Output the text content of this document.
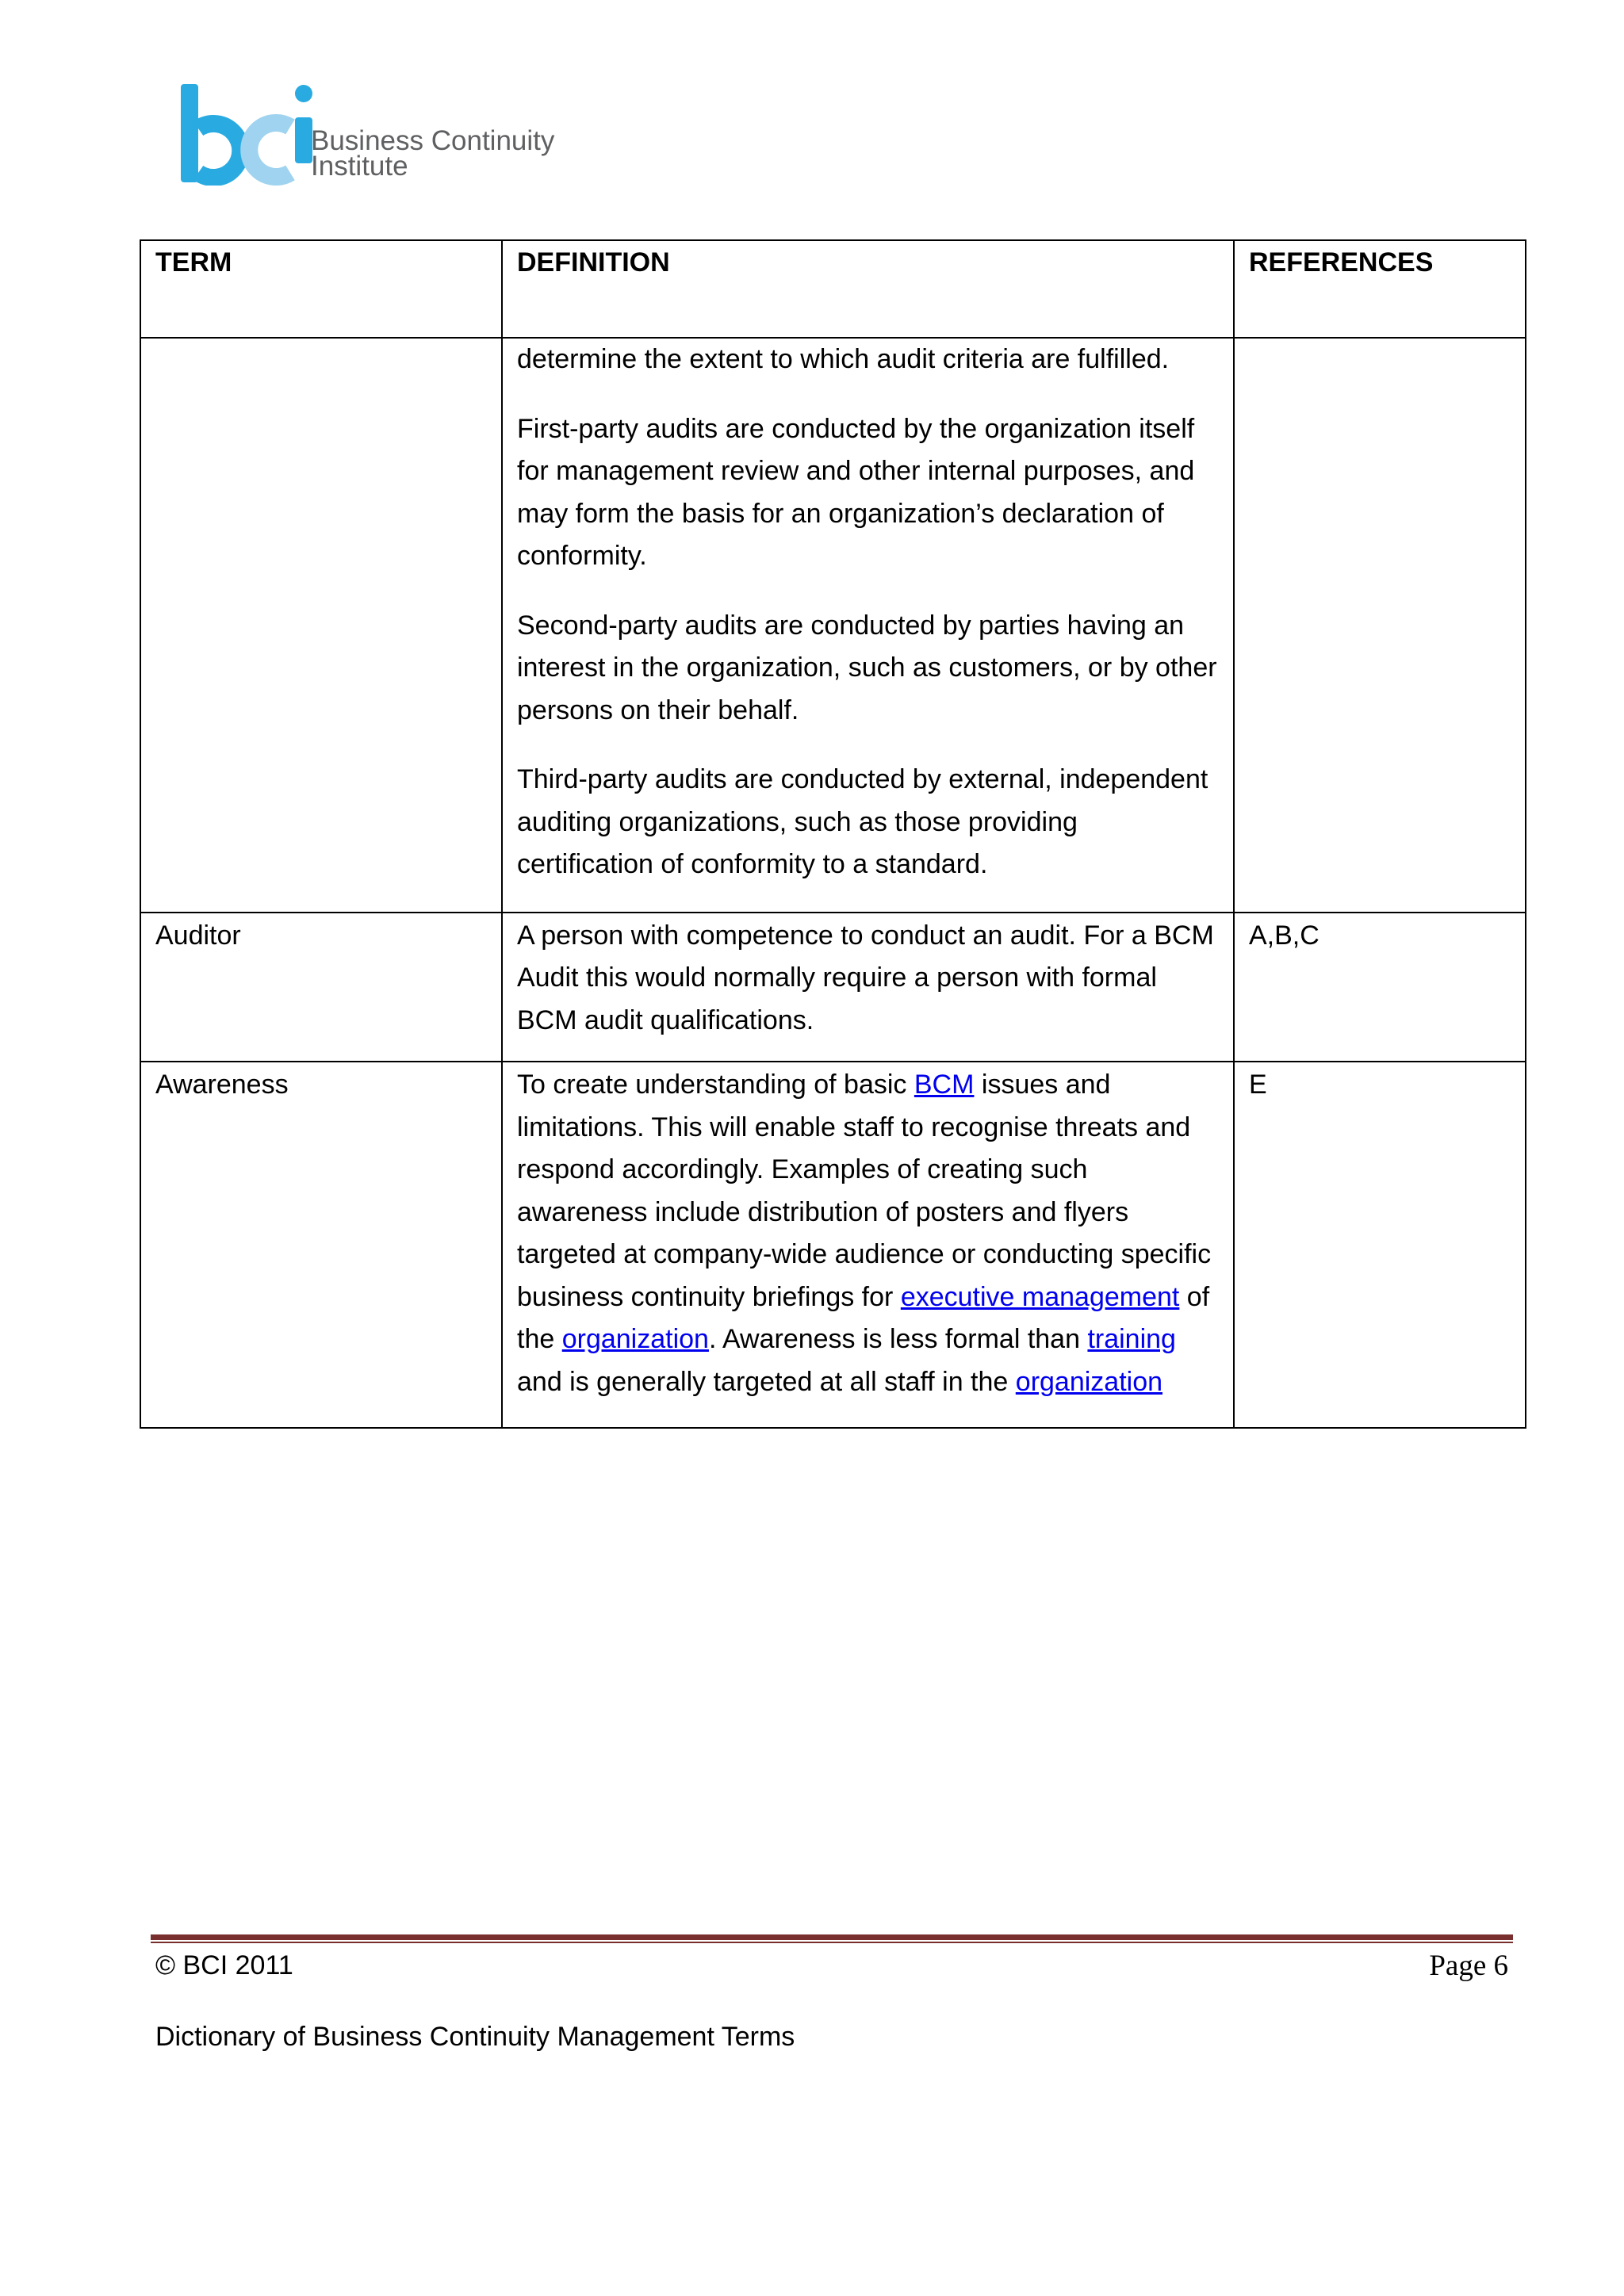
Business Continuity
Institute
TERM	DEFINITION	REFERENCES

	determine the extent to which audit criteria are fulfilled.

First-party audits are conducted by the organization itself for management review and other internal purposes, and may form the basis for an organization’s declaration of conformity.

Second-party audits are conducted by parties having an interest in the organization, such as customers, or by other persons on their behalf.

Third-party audits are conducted by external, independent auditing organizations, such as those providing certification of conformity to a standard.	

Auditor	A person with competence to conduct an audit. For a BCM Audit this would normally require a person with formal BCM audit qualifications.	A,B,C
Awareness	To create understanding of basic BCM issues and limitations. This will enable staff to recognise threats and respond accordingly. Examples of creating such awareness include distribution of posters and flyers targeted at company-wide audience or conducting specific business continuity briefings for executive management of the organization. Awareness is less formal than training and is generally targeted at all staff in the organization	E
© BCI 2011	Page 6
Dictionary of Business Continuity Management Terms
